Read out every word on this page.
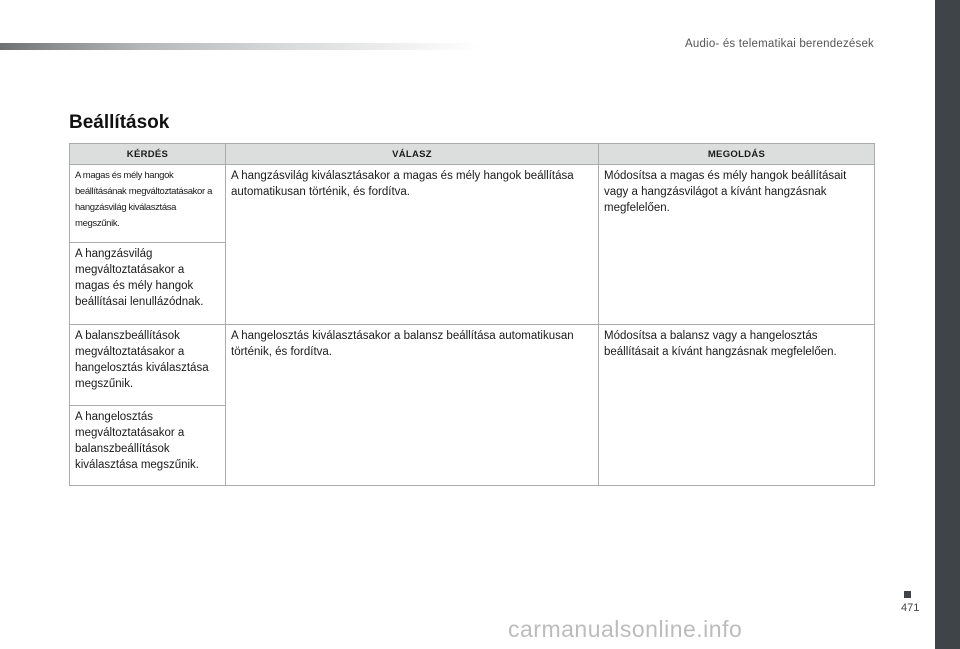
Audio- és telematikai berendezések
Beállítások
KÉRDÉS	VÁLASZ	MEGOLDÁS
A magas és mély hangok beállításának megváltoztatásakor a hangzásvilág kiválasztása megszűnik.	A hangzásvilág kiválasztásakor a magas és mély hangok beállítása automatikusan történik, és fordítva.	Módosítsa a magas és mély hangok beállításait vagy a hangzásvilágot a kívánt hangzásnak megfelelően.
A hangzásvilág megváltoztatásakor a magas és mély hangok beállításai lenullázódnak.		
A balanszbeállítások megváltoztatásakor a hangelosztás kiválasztása megszűnik.	A hangelosztás kiválasztásakor a balansz beállítása automatikusan történik, és fordítva.	Módosítsa a balansz vagy a hangelosztás beállításait a kívánt hangzásnak megfelelően.
A hangelosztás megváltoztatásakor a balanszbeállítások kiválasztása megszűnik.		
471
carmanualsonline.info
